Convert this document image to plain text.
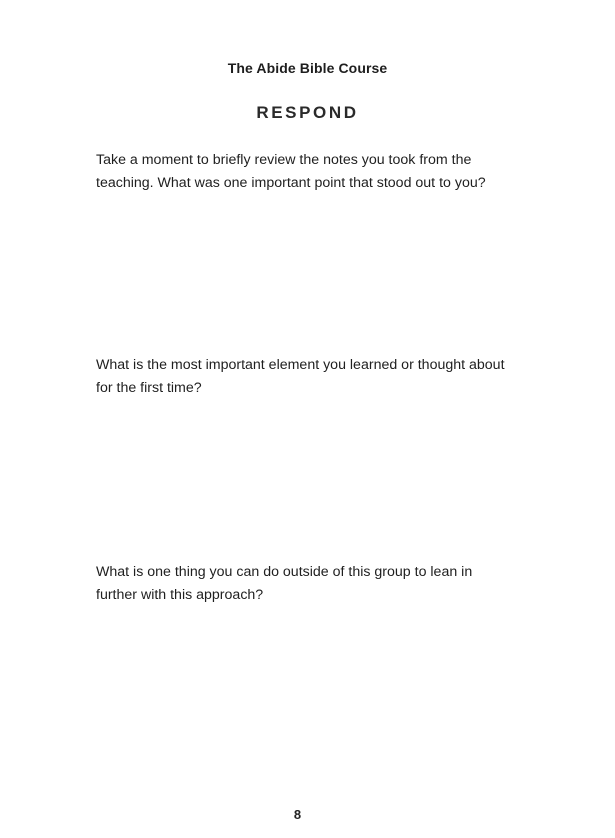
The Abide Bible Course
RESPOND
Take a moment to briefly review the notes you took from the teaching. What was one important point that stood out to you?
What is the most important element you learned or thought about for the first time?
What is one thing you can do outside of this group to lean in further with this approach?
8
